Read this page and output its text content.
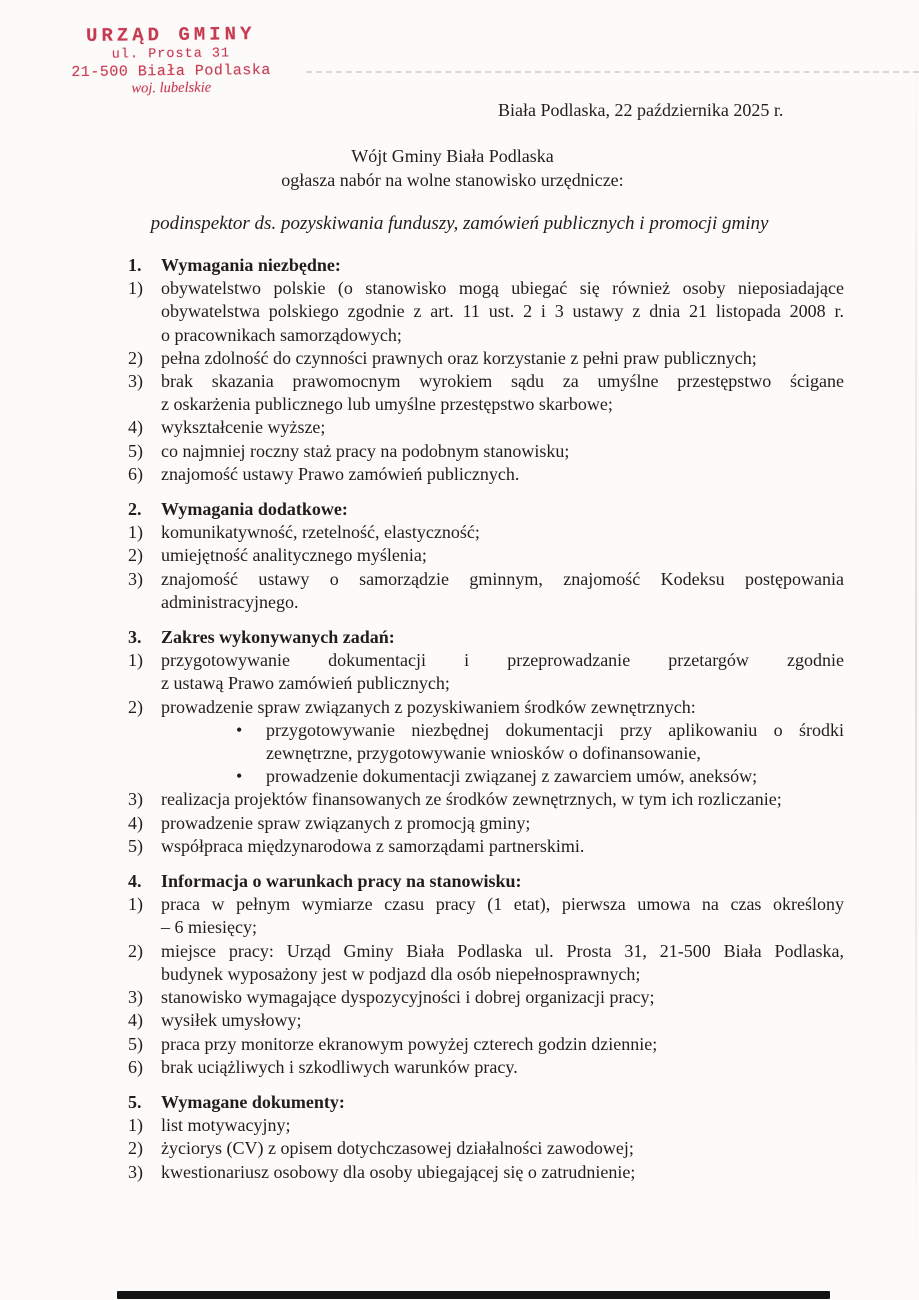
URZĄD GMINY
ul. Prosta 31
21-500 Biała Podlaska
woj. lubelskie
Biała Podlaska, 22 października 2025 r.
Wójt Gminy Biała Podlaska
ogłasza nabór na wolne stanowisko urzędnicze:
podinspektor ds. pozyskiwania funduszy, zamówień publicznych i promocji gminy
1.	Wymagania niezbędne:
1)	obywatelstwo polskie (o stanowisko mogą ubiegać się również osoby nieposiadające
obywatelstwa polskiego zgodnie z art. 11 ust. 2 i 3 ustawy z dnia 21 listopada 2008 r.
o pracownikach samorządowych;
2)	pełna zdolność do czynności prawnych oraz korzystanie z pełni praw publicznych;
3)	brak skazania prawomocnym wyrokiem sądu za umyślne przestępstwo ścigane
z oskarżenia publicznego lub umyślne przestępstwo skarbowe;
4)	wykształcenie wyższe;
5)	co najmniej roczny staż pracy na podobnym stanowisku;
6)	znajomość ustawy Prawo zamówień publicznych.
2.	Wymagania dodatkowe:
1)	komunikatywność, rzetelność, elastyczność;
2)	umiejętność analitycznego myślenia;
3)	znajomość ustawy o samorządzie gminnym, znajomość Kodeksu postępowania
administracyjnego.
3.	Zakres wykonywanych zadań:
1)	przygotowywanie dokumentacji i przeprowadzanie przetargów zgodnie
z ustawą Prawo zamówień publicznych;
2)	prowadzenie spraw związanych z pozyskiwaniem środków zewnętrznych:
•	przygotowywanie niezbędnej dokumentacji przy aplikowaniu o środki
zewnętrzne, przygotowywanie wniosków o dofinansowanie,
•	prowadzenie dokumentacji związanej z zawarciem umów, aneksów;
3)	realizacja projektów finansowanych ze środków zewnętrznych, w tym ich rozliczanie;
4)	prowadzenie spraw związanych z promocją gminy;
5)	współpraca międzynarodowa z samorządami partnerskimi.
4.	Informacja o warunkach pracy na stanowisku:
1)	praca w pełnym wymiarze czasu pracy (1 etat), pierwsza umowa na czas określony
– 6 miesięcy;
2)	miejsce pracy: Urząd Gminy Biała Podlaska ul. Prosta 31, 21-500 Biała Podlaska,
budynek wyposażony jest w podjazd dla osób niepełnosprawnych;
3)	stanowisko wymagające dyspozycyjności i dobrej organizacji pracy;
4)	wysiłek umysłowy;
5)	praca przy monitorze ekranowym powyżej czterech godzin dziennie;
6)	brak uciążliwych i szkodliwych warunków pracy.
5.	Wymagane dokumenty:
1)	list motywacyjny;
2)	życiorys (CV) z opisem dotychczasowej działalności zawodowej;
3)	kwestionariusz osobowy dla osoby ubiegającej się o zatrudnienie;
